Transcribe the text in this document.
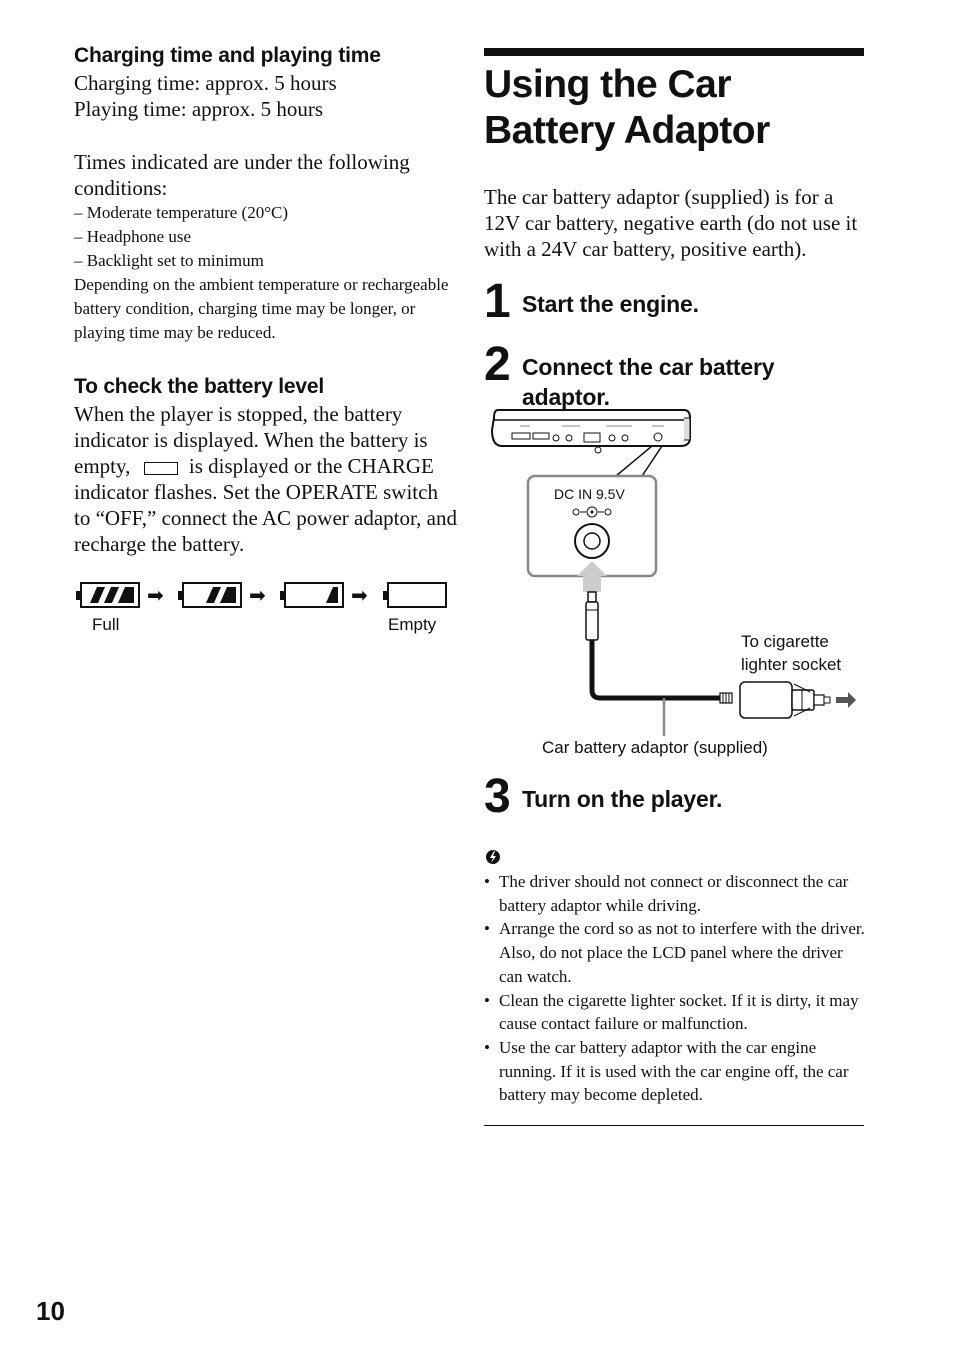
Charging time and playing time

Charging time: approx. 5 hours

Playing time: approx. 5 hours

Times indicated are under the following conditions:

– Moderate temperature (20°C)

– Headphone use

– Backlight set to minimum

Depending on the ambient temperature or rechargeable battery condition, charging time may be longer, or playing time may be reduced.

To check the battery level

When the player is stopped, the battery indicator is displayed. When the battery is empty,	is displayed or the CHARGE indicator flashes. Set the OPERATE switch to “OFF,” connect the AC power adaptor, and recharge the battery.

➡	➡	➡
Full	Empty
Using the Car Battery Adaptor

The car battery adaptor (supplied) is for a 12V car battery, negative earth (do not use it with a 24V car battery, positive earth).

1 Start the engine.
2 Connect the car battery adaptor.
DC IN 9.5V
To cigarette
lighter socket
Car battery adaptor (supplied)
3 Turn on the player.
• The driver should not connect or disconnect the car battery adaptor while driving.
• Arrange the cord so as not to interfere with the driver. Also, do not place the LCD panel where the driver can watch.
• Clean the cigarette lighter socket. If it is dirty, it may cause contact failure or malfunction.
• Use the car battery adaptor with the car engine running. If it is used with the car engine off, the car battery may become depleted.
10
